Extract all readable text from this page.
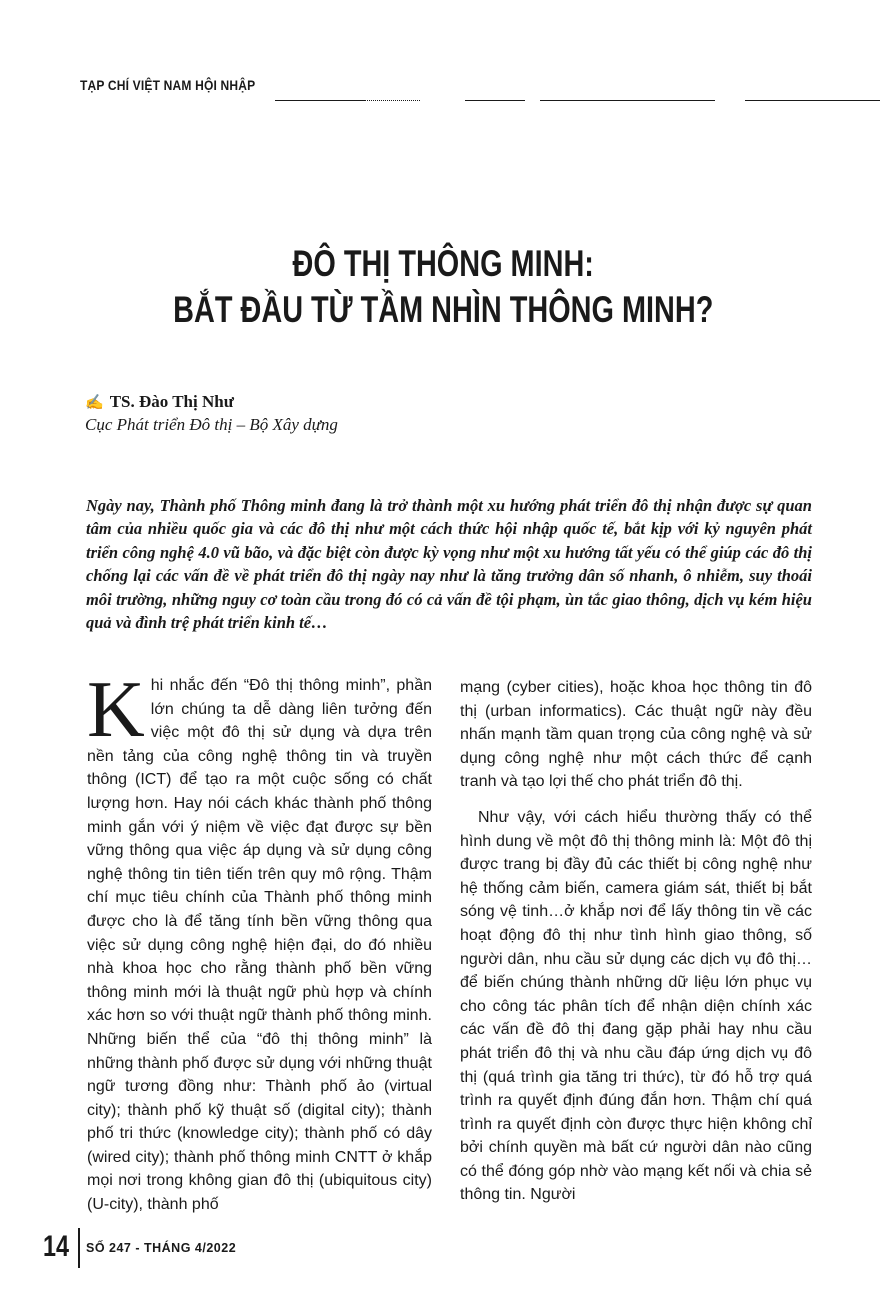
TẠP CHÍ VIỆT NAM HỘI NHẬP
ĐÔ THỊ THÔNG MINH:
BẮT ĐẦU TỪ TẦM NHÌN THÔNG MINH?
✍ TS. Đào Thị Như
Cục Phát triển Đô thị – Bộ Xây dựng
Ngày nay, Thành phố Thông minh đang là trở thành một xu hướng phát triển đô thị nhận được sự quan tâm của nhiều quốc gia và các đô thị như một cách thức hội nhập quốc tế, bắt kịp với kỷ nguyên phát triển công nghệ 4.0 vũ bão, và đặc biệt còn được kỳ vọng như một xu hướng tất yếu có thể giúp các đô thị chống lại các vấn đề về phát triển đô thị ngày nay như là tăng trưởng dân số nhanh, ô nhiễm, suy thoái môi trường, những nguy cơ toàn cầu trong đó có cả vấn đề tội phạm, ùn tắc giao thông, dịch vụ kém hiệu quả và đình trệ phát triển kinh tế…
Khi nhắc đến “Đô thị thông minh”, phần lớn chúng ta dễ dàng liên tưởng đến việc một đô thị sử dụng và dựa trên nền tảng của công nghệ thông tin và truyền thông (ICT) để tạo ra một cuộc sống có chất lượng hơn. Hay nói cách khác thành phố thông minh gắn với ý niệm về việc đạt được sự bền vững thông qua việc áp dụng và sử dụng công nghệ thông tin tiên tiến trên quy mô rộng. Thậm chí mục tiêu chính của Thành phố thông minh được cho là để tăng tính bền vững thông qua việc sử dụng công nghệ hiện đại, do đó nhiều nhà khoa học cho rằng thành phố bền vững thông minh mới là thuật ngữ phù hợp và chính xác hơn so với thuật ngữ thành phố thông minh. Những biến thể của “đô thị thông minh” là những thành phố được sử dụng với những thuật ngữ tương đồng như: Thành phố ảo (virtual city); thành phố kỹ thuật số (digital city); thành phố tri thức (knowledge city); thành phố có dây (wired city); thành phố thông minh CNTT ở khắp mọi nơi trong không gian đô thị (ubiquitous city) (U-city), thành phố

mạng (cyber cities), hoặc khoa học thông tin đô thị (urban informatics). Các thuật ngữ này đều nhấn mạnh tầm quan trọng của công nghệ và sử dụng công nghệ như một cách thức để cạnh tranh và tạo lợi thế cho phát triển đô thị.

Như vậy, với cách hiểu thường thấy có thể hình dung về một đô thị thông minh là: Một đô thị được trang bị đầy đủ các thiết bị công nghệ như hệ thống cảm biến, camera giám sát, thiết bị bắt sóng vệ tinh…ở khắp nơi để lấy thông tin về các hoạt động đô thị như tình hình giao thông, số người dân, nhu cầu sử dụng các dịch vụ đô thị… để biến chúng thành những dữ liệu lớn phục vụ cho công tác phân tích để nhận diện chính xác các vấn đề đô thị đang gặp phải hay nhu cầu phát triển đô thị và nhu cầu đáp ứng dịch vụ đô thị (quá trình gia tăng tri thức), từ đó hỗ trợ quá trình ra quyết định đúng đắn hơn. Thậm chí quá trình ra quyết định còn được thực hiện không chỉ bởi chính quyền mà bất cứ người dân nào cũng có thể đóng góp nhờ vào mạng kết nối và chia sẻ thông tin. Người

14 SỐ 247 - THÁNG 4/2022
